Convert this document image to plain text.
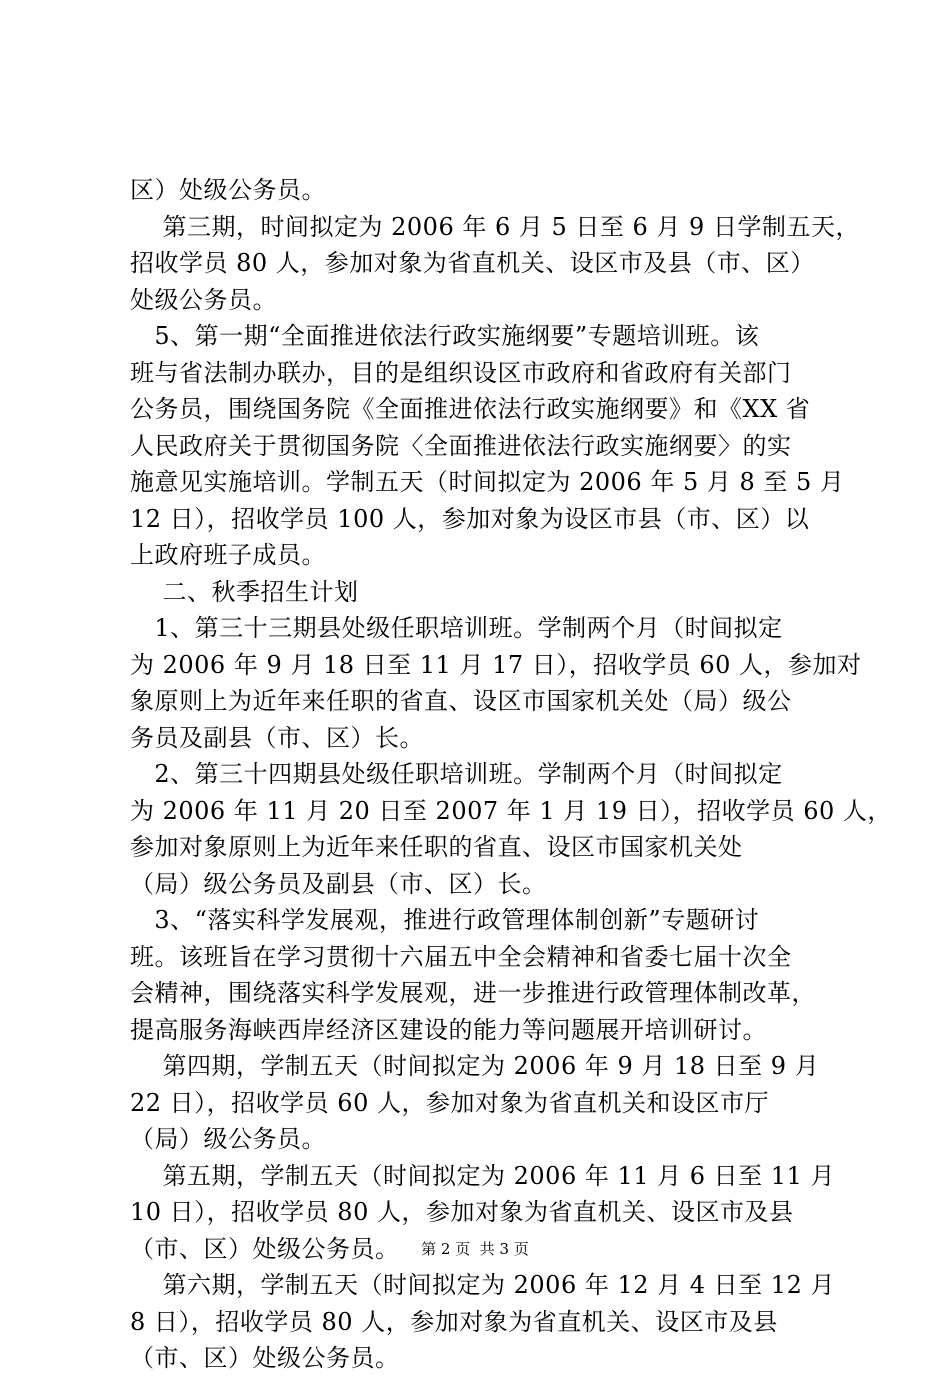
区）处级公务员。
第三期，时间拟定为 2006 年 6 月 5 日至 6 月 9 日学制五天，
招收学员 80 人，参加对象为省直机关、设区市及县（市、区）
处级公务员。
5、第一期“全面推进依法行政实施纲要”专题培训班。该
班与省法制办联办，目的是组织设区市政府和省政府有关部门
公务员，围绕国务院《全面推进依法行政实施纲要》和《XX 省
人民政府关于贯彻国务院〈全面推进依法行政实施纲要〉的实
施意见实施培训。学制五天（时间拟定为 2006 年 5 月 8 至 5 月
12 日），招收学员 100 人，参加对象为设区市县（市、区）以
上政府班子成员。
二、秋季招生计划
1、第三十三期县处级任职培训班。学制两个月（时间拟定
为 2006 年 9 月 18 日至 11 月 17 日），招收学员 60 人，参加对
象原则上为近年来任职的省直、设区市国家机关处（局）级公
务员及副县（市、区）长。
2、第三十四期县处级任职培训班。学制两个月（时间拟定
为 2006 年 11 月 20 日至 2007 年 1 月 19 日），招收学员 60 人，
参加对象原则上为近年来任职的省直、设区市国家机关处
（局）级公务员及副县（市、区）长。
3、“落实科学发展观，推进行政管理体制创新”专题研讨
班。该班旨在学习贯彻十六届五中全会精神和省委七届十次全
会精神，围绕落实科学发展观，进一步推进行政管理体制改革，
提高服务海峡西岸经济区建设的能力等问题展开培训研讨。
第四期，学制五天（时间拟定为 2006 年 9 月 18 日至 9 月
22 日），招收学员 60 人，参加对象为省直机关和设区市厅
（局）级公务员。
第五期，学制五天（时间拟定为 2006 年 11 月 6 日至 11 月
10 日），招收学员 80 人，参加对象为省直机关、设区市及县
（市、区）处级公务员。
第六期，学制五天（时间拟定为 2006 年 12 月 4 日至 12 月
8 日），招收学员 80 人，参加对象为省直机关、设区市及县
（市、区）处级公务员。
第 2 页  共 3 页
